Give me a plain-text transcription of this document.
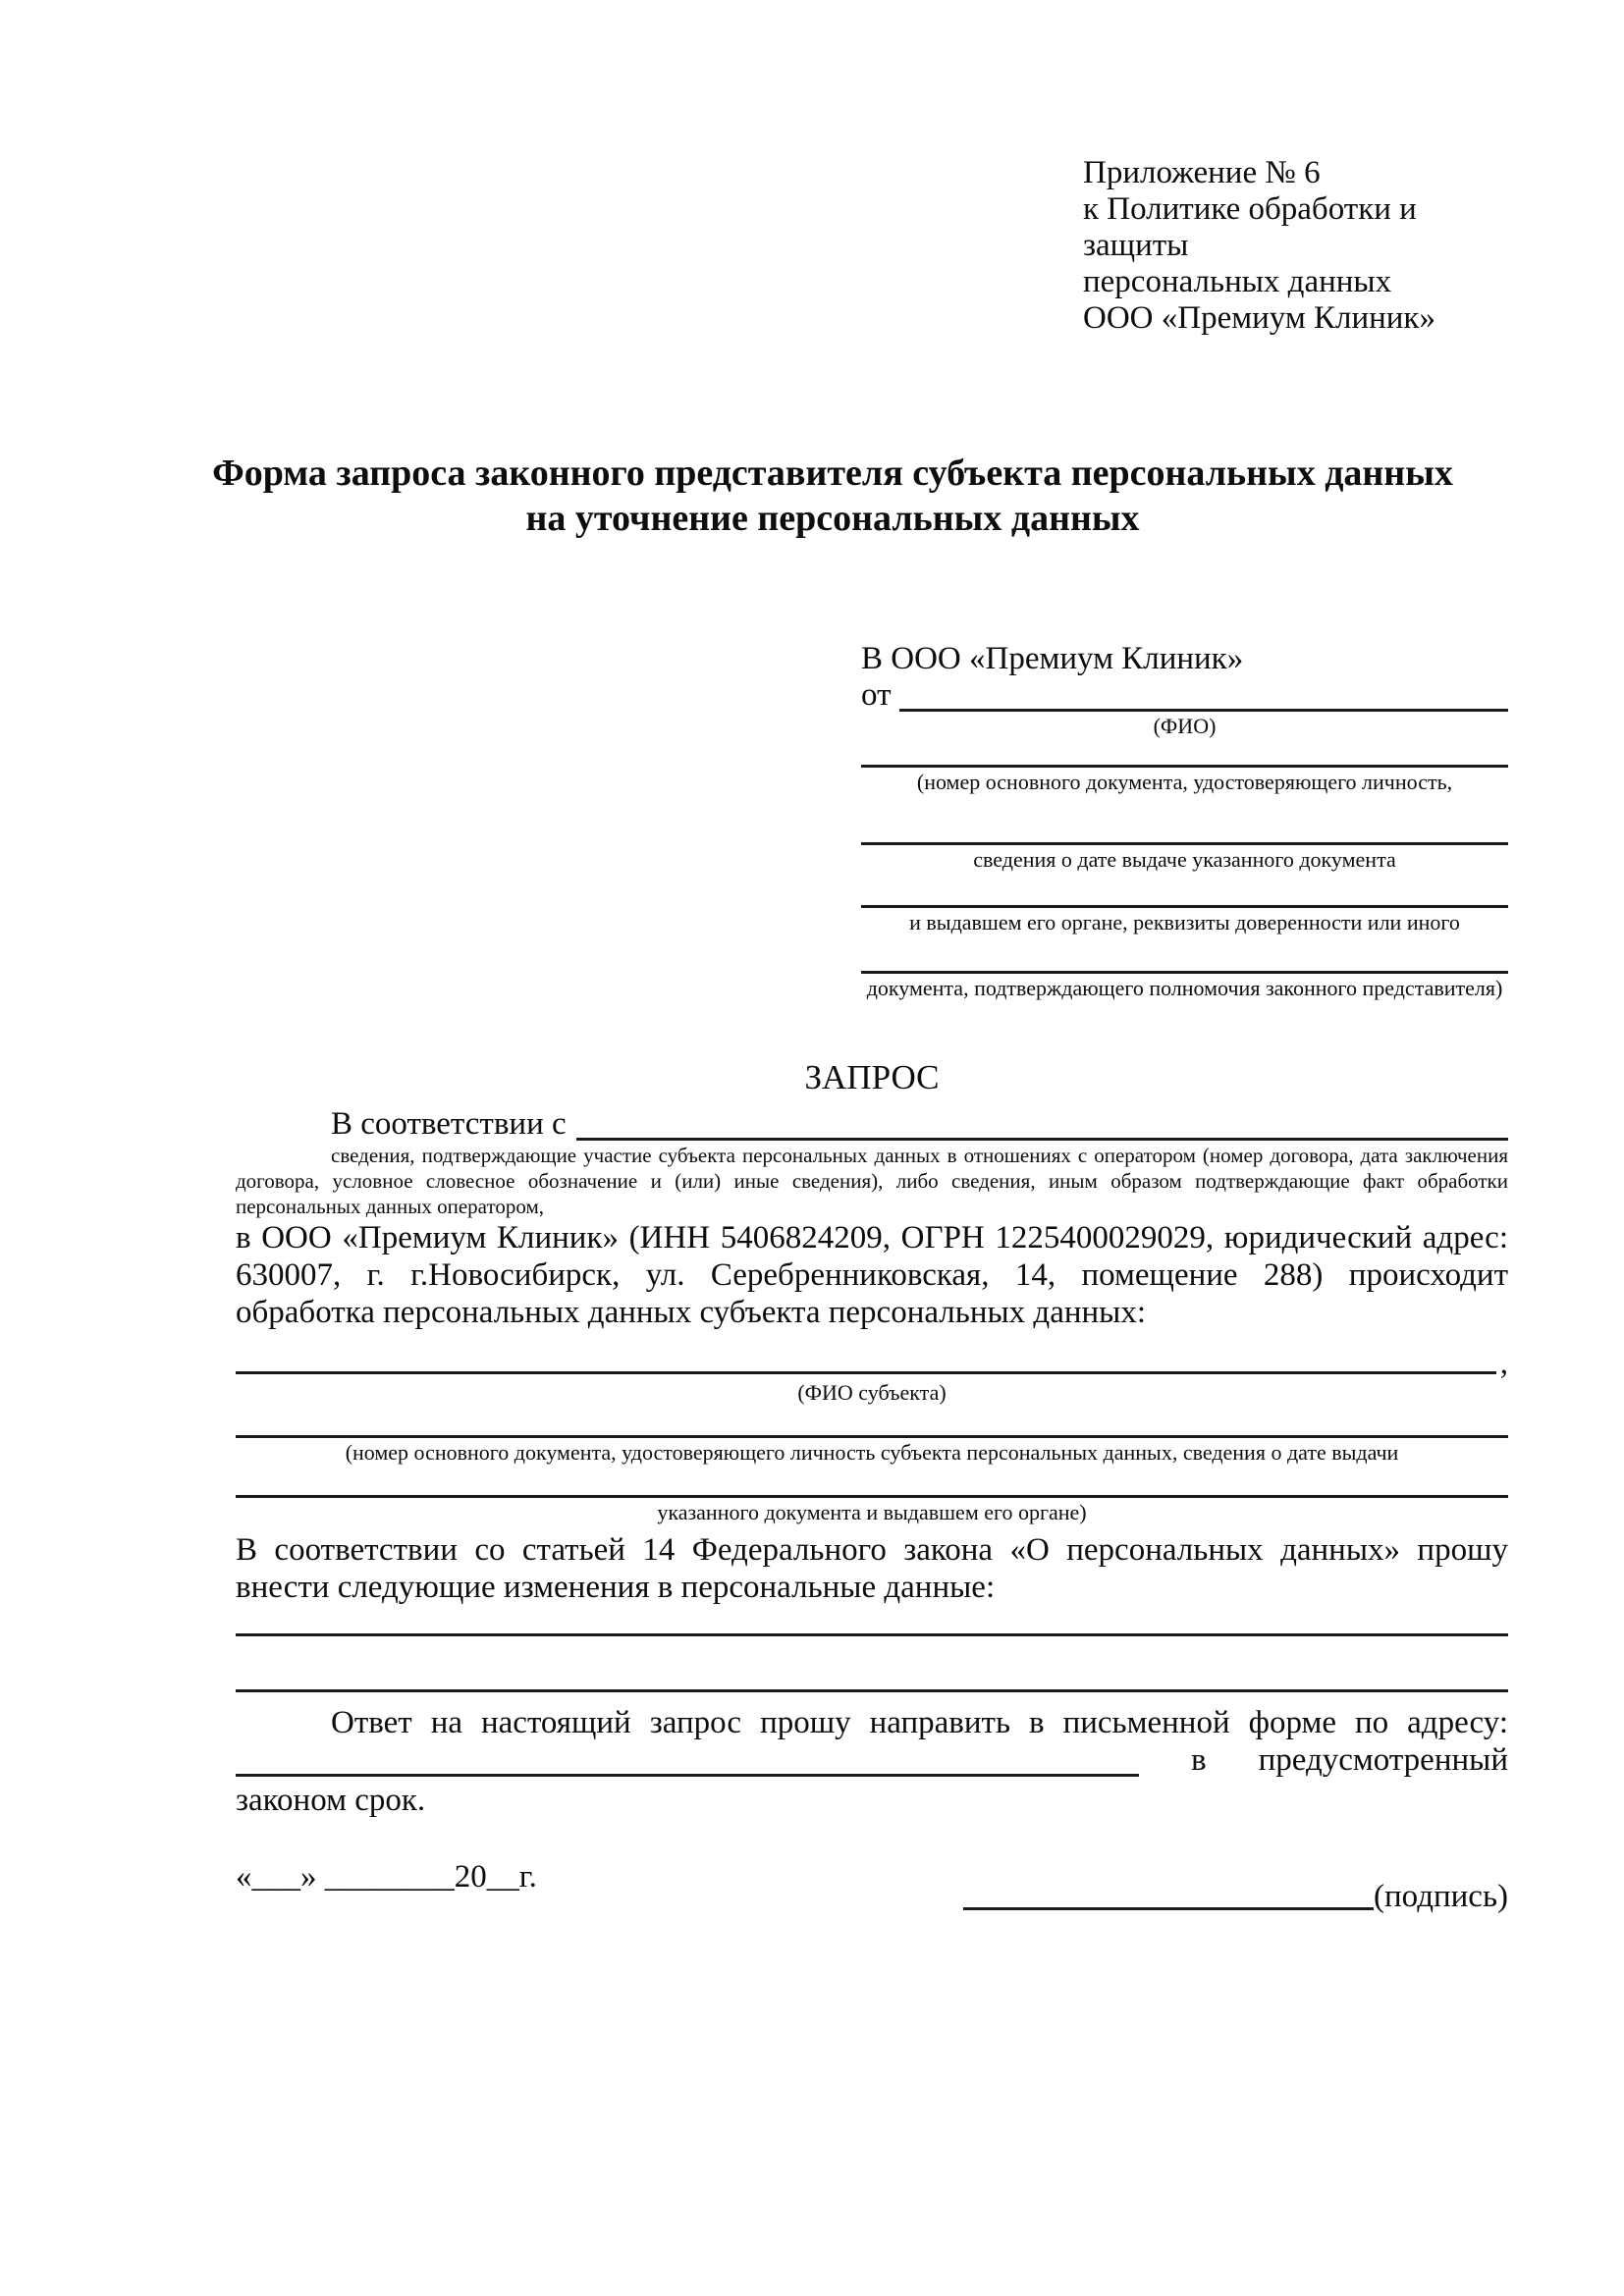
Приложение № 6
к Политике обработки и защиты
персональных данных
ООО «Премиум Клиник»
Форма запроса законного представителя субъекта персональных данных
на уточнение персональных данных
В ООО «Премиум Клиник»
от
(ФИО)
(номер основного документа, удостоверяющего личность,
сведения о дате выдаче указанного документа
и выдавшем его органе, реквизиты доверенности или иного
документа, подтверждающего полномочия законного представителя)
ЗАПРОС
В соответствии с
сведения, подтверждающие участие субъекта персональных данных в отношениях с оператором (номер договора, дата заключения договора, условное словесное обозначение и (или) иные сведения), либо сведения, иным образом подтверждающие факт обработки персональных данных оператором,
в ООО «Премиум Клиник» (ИНН 5406824209, ОГРН 1225400029029, юридический адрес: 630007, г. г.Новосибирск, ул. Серебренниковская, 14, помещение 288) происходит обработка персональных данных субъекта персональных данных:
,
(ФИО субъекта)
(номер основного документа, удостоверяющего личность субъекта персональных данных, сведения о дате выдачи
указанного документа и выдавшем его органе)
В соответствии со статьей 14 Федерального закона «О персональных данных» прошу внести следующие изменения в персональные данные:
Ответ на настоящий запрос прошу направить в письменной форме по адресу:
в предусмотренный
законом срок.
«___» ________20__г.
(подпись)
